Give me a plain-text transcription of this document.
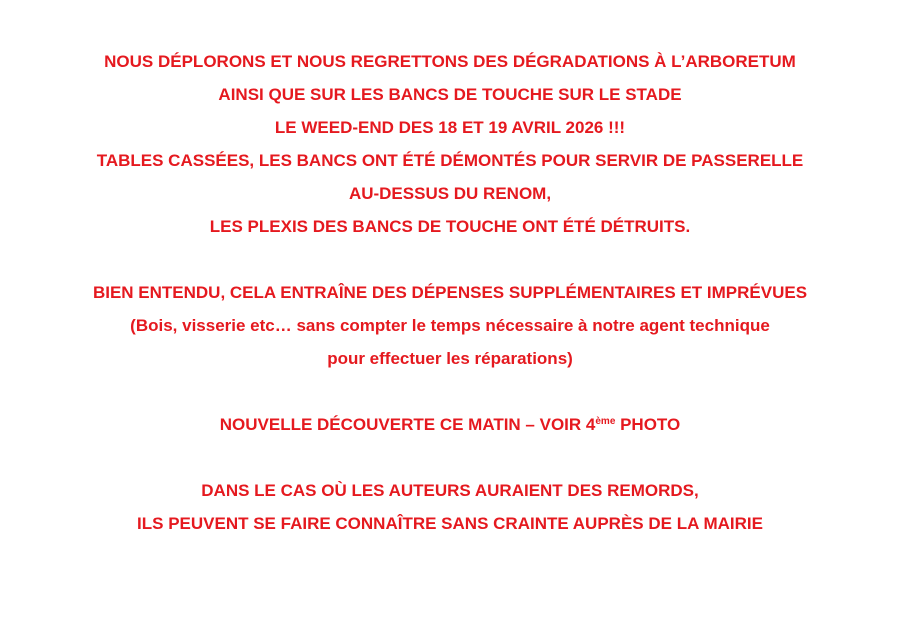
NOUS DÉPLORONS ET NOUS REGRETTONS DES DÉGRADATIONS À L’ARBORETUM
AINSI QUE SUR LES BANCS DE TOUCHE SUR LE STADE
LE WEED-END DES 18 ET 19 AVRIL 2026 !!!
TABLES CASSÉES, LES BANCS ONT ÉTÉ DÉMONTÉS POUR SERVIR DE PASSERELLE
AU-DESSUS DU RENOM,
LES PLEXIS DES BANCS DE TOUCHE ONT ÉTÉ DÉTRUITS.
BIEN ENTENDU, CELA ENTRAÎNE DES DÉPENSES SUPPLÉMENTAIRES ET IMPRÉVUES
(Bois, visserie etc… sans compter le temps nécessaire à notre agent technique
pour effectuer les réparations)
NOUVELLE DÉCOUVERTE CE MATIN – VOIR 4ème PHOTO
DANS LE CAS OÙ LES AUTEURS AURAIENT DES REMORDS,
ILS PEUVENT SE FAIRE CONNAÎTRE SANS CRAINTE AUPRÈS DE LA MAIRIE
